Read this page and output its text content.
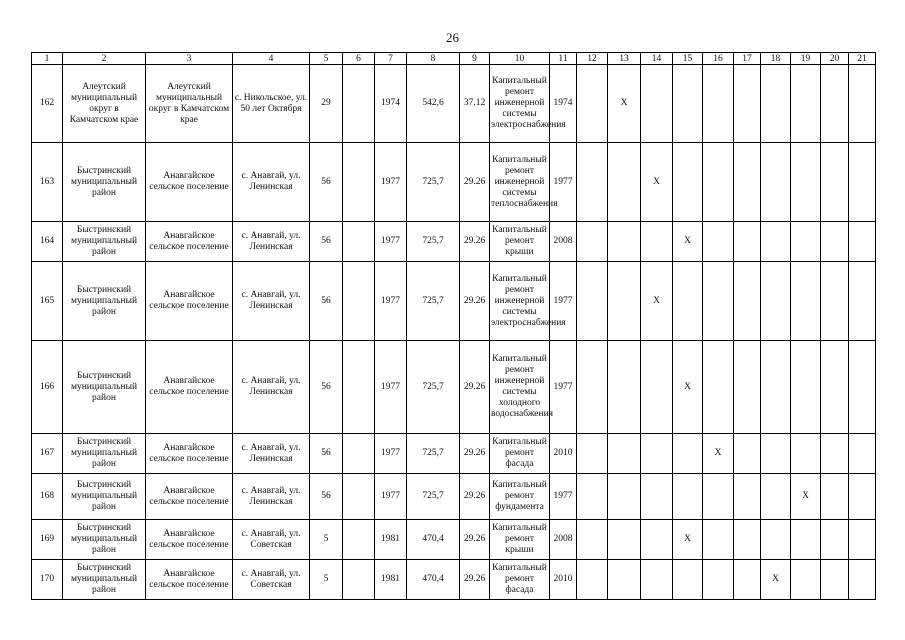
26
1	2	3	4	5	6	7	8	9	10	11	12	13	14	15	16	17	18	19	20	21
162	Алеутский муниципальный округ в Камчатском крае	Алеутский муниципальный округ в Камчатском крае	с. Никольское, ул. 50 лет Октября	29		1974	542,6	37.12	Капитальный ремонт инженерной системы электроснабжения	1974		X								
163	Быстринский муниципальный район	Анавгайское сельское поселение	с. Анавгай, ул. Ленинская	56		1977	725,7	29.26	Капитальный ремонт инженерной системы теплоснабжения	1977			X							
164	Быстринский муниципальный район	Анавгайское сельское поселение	с. Анавгай, ул. Ленинская	56		1977	725,7	29.26	Капитальный ремонт крыши	2008				X						
165	Быстринский муниципальный район	Анавгайское сельское поселение	с. Анавгай, ул. Ленинская	56		1977	725,7	29.26	Капитальный ремонт инженерной системы электроснабжения	1977			X							
166	Быстринский муниципальный район	Анавгайское сельское поселение	с. Анавгай, ул. Ленинская	56		1977	725,7	29.26	Капитальный ремонт инженерной системы холодного водоснабжения	1977				X						
167	Быстринский муниципальный район	Анавгайское сельское поселение	с. Анавгай, ул. Ленинская	56		1977	725,7	29.26	Капитальный ремонт фасада	2010					X					
168	Быстринский муниципальный район	Анавгайское сельское поселение	с. Анавгай, ул. Ленинская	56		1977	725,7	29.26	Капитальный ремонт фундамента	1977								X		
169	Быстринский муниципальный район	Анавгайское сельское поселение	с. Анавгай, ул. Советская	5		1981	470,4	29.26	Капитальный ремонт крыши	2008				X						
170	Быстринский муниципальный район	Анавгайское сельское поселение	с. Анавгай, ул. Советская	5		1981	470,4	29.26	Капитальный ремонт фасада	2010							X			
